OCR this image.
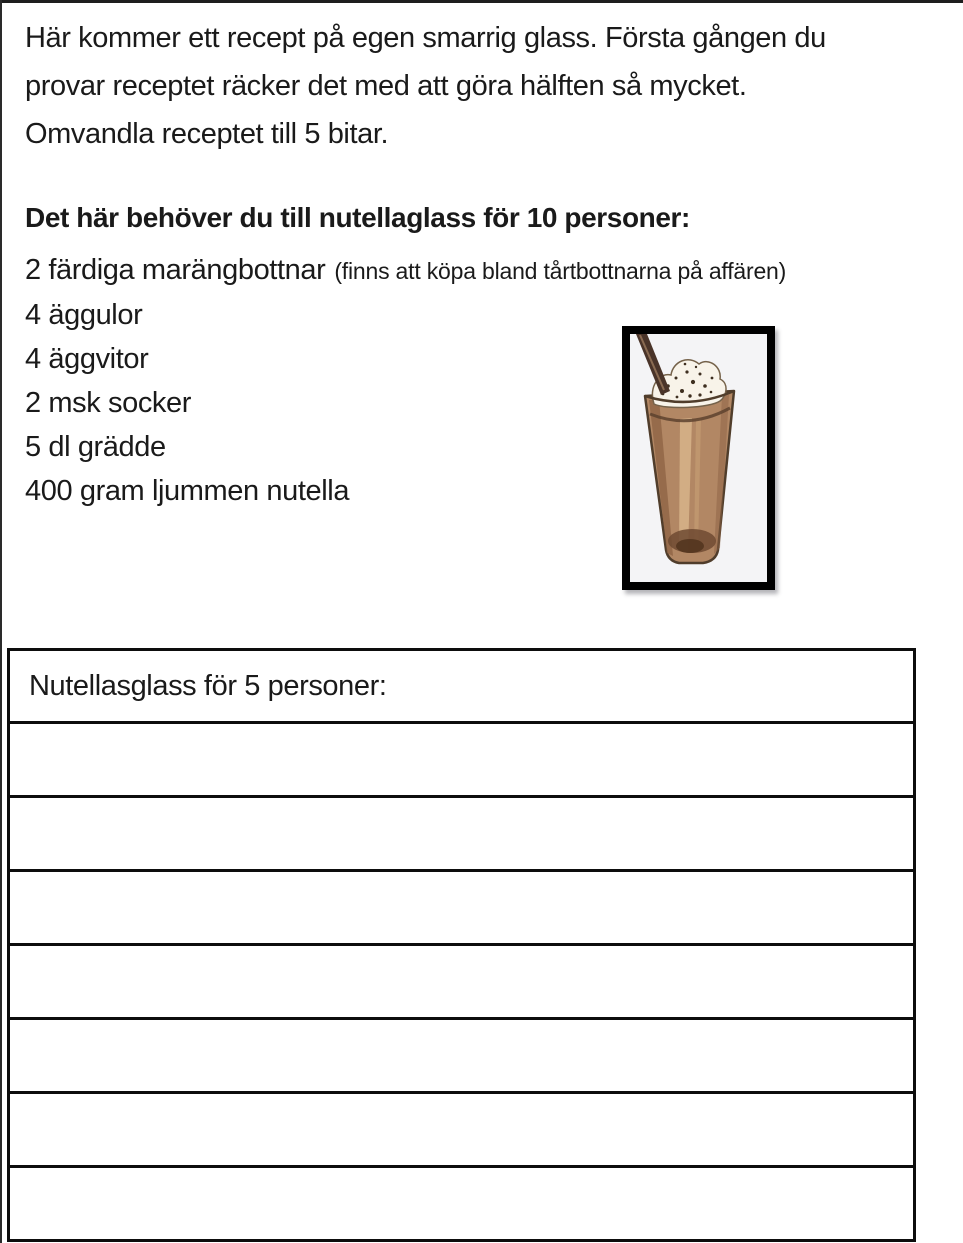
Här kommer ett recept på egen smarrig glass. Första gången du
provar receptet räcker det med att göra hälften så mycket.
Omvandla receptet till 5 bitar.
Det här behöver du till nutellaglass för 10 personer:
2 färdiga marängbottnar (finns att köpa bland tårtbottnarna på affären)
4 äggulor
4 äggvitor
2 msk socker
5 dl grädde
400 gram ljummen nutella
Nutellasglass för 5 personer:
